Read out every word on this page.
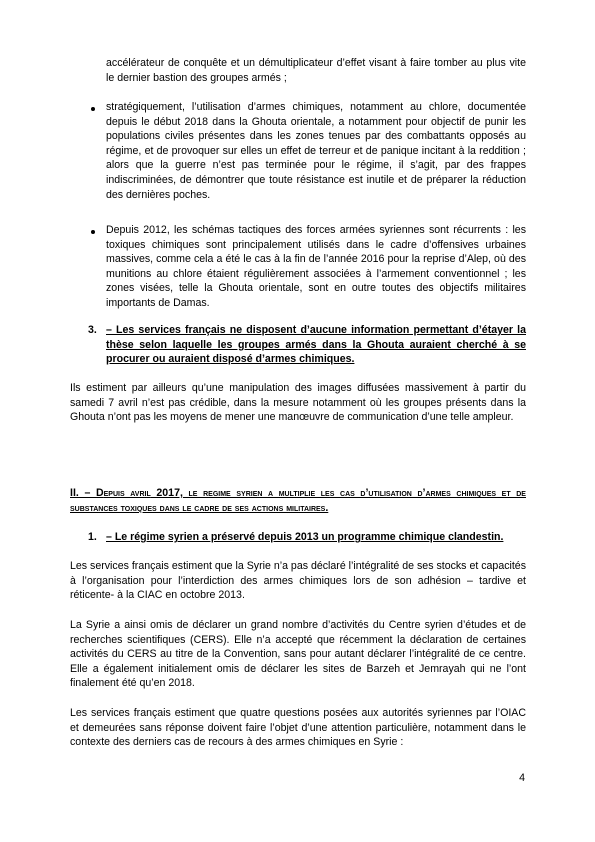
accélérateur de conquête et un démultiplicateur d’effet visant à faire tomber au plus vite le dernier bastion des groupes armés ;

stratégiquement, l’utilisation d’armes chimiques, notamment au chlore, documentée depuis le début 2018 dans la Ghouta orientale, a notamment pour objectif de punir les populations civiles présentes dans les zones tenues par des combattants opposés au régime, et de provoquer sur elles un effet de terreur et de panique incitant à la reddition ; alors que la guerre n’est pas terminée pour le régime, il s’agit, par des frappes indiscriminées, de démontrer que toute résistance est inutile et de préparer la réduction des dernières poches.

Depuis 2012, les schémas tactiques des forces armées syriennes sont récurrents : les toxiques chimiques sont principalement utilisés dans le cadre d’offensives urbaines massives, comme cela a été le cas à la fin de l’année 2016 pour la reprise d’Alep, où des munitions au chlore étaient régulièrement associées à l’armement conventionnel ; les zones visées, telle la Ghouta orientale, sont en outre toutes des objectifs militaires importants de Damas.

3. – Les services français ne disposent d’aucune information permettant d’étayer la thèse selon laquelle les groupes armés dans la Ghouta auraient cherché à se procurer ou auraient disposé d’armes chimiques.

Ils estiment par ailleurs qu’une manipulation des images diffusées massivement à partir du samedi 7 avril n’est pas crédible, dans la mesure notamment où les groupes présents dans la Ghouta n’ont pas les moyens de mener une manœuvre de communication d’une telle ampleur.

II. – Depuis avril 2017, le regime syrien a multiplie les cas d’utilisation d’armes chimiques et de substances toxiques dans le cadre de ses actions militaires.

1. – Le régime syrien a préservé depuis 2013 un programme chimique clandestin.

Les services français estiment que la Syrie n’a pas déclaré l’intégralité de ses stocks et capacités à l’organisation pour l’interdiction des armes chimiques lors de son adhésion – tardive et réticente- à la CIAC en octobre 2013.

La Syrie a ainsi omis de déclarer un grand nombre d’activités du Centre syrien d’études et de recherches scientifiques (CERS). Elle n’a accepté que récemment la déclaration de certaines activités du CERS au titre de la Convention, sans pour autant déclarer l’intégralité de ce centre. Elle a également initialement omis de déclarer les sites de Barzeh et Jemrayah qui ne l’ont finalement été qu’en 2018.

Les services français estiment que quatre questions posées aux autorités syriennes par l’OIAC et demeurées sans réponse doivent faire l’objet d’une attention particulière, notamment dans le contexte des derniers cas de recours à des armes chimiques en Syrie :

4
